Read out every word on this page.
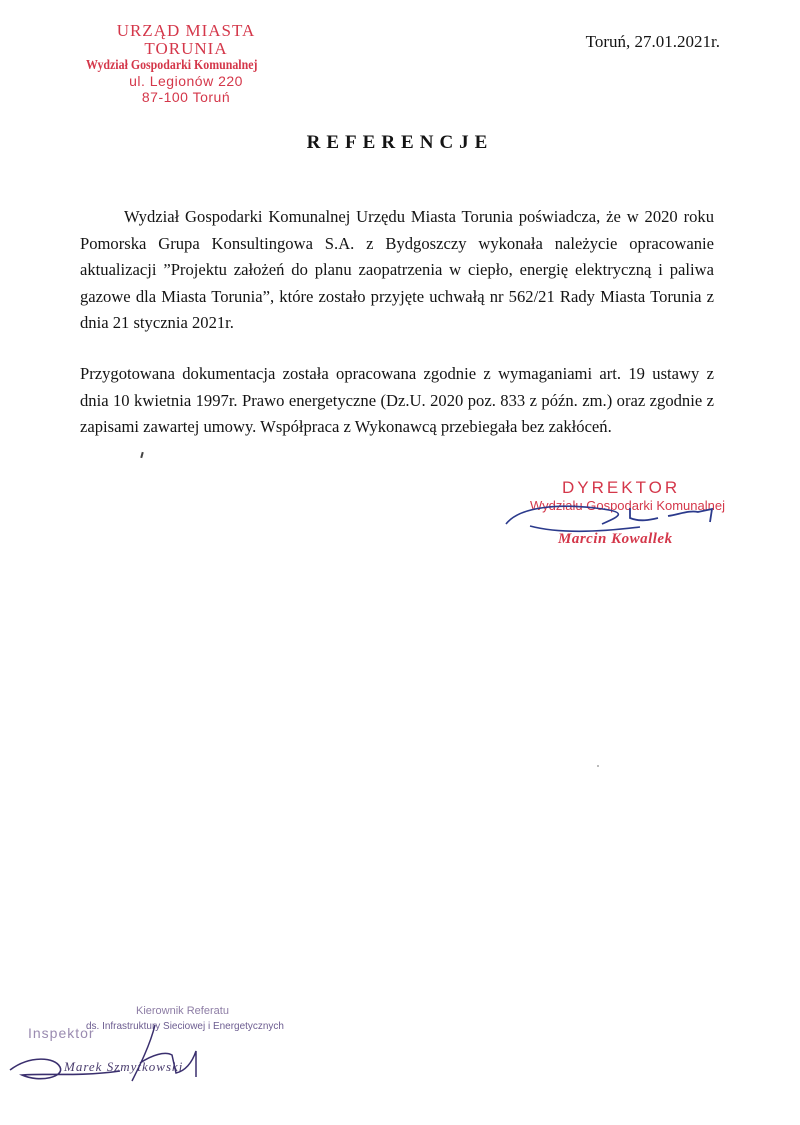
URZĄD MIASTA TORUNIA
Wydział Gospodarki Komunalnej
ul. Legionów 220
87-100 Toruń
Toruń, 27.01.2021r.
REFERENCJE

Wydział Gospodarki Komunalnej Urzędu Miasta Torunia poświadcza, że w 2020 roku Pomorska Grupa Konsultingowa S.A. z Bydgoszczy wykonała należycie opracowanie aktualizacji ”Projektu założeń do planu zaopatrzenia w ciepło, energię elektryczną i paliwa gazowe dla Miasta Torunia”, które zostało przyjęte uchwałą nr 562/21 Rady Miasta Torunia z dnia 21 stycznia 2021r.

Przygotowana dokumentacja została opracowana zgodnie z wymaganiami art. 19 ustawy z dnia 10 kwietnia 1997r. Prawo energetyczne (Dz.U. 2020 poz. 833 z późn. zm.) oraz zgodnie z zapisami zawartej umowy. Współpraca z Wykonawcą przebiegała bez zakłóceń.

DYREKTOR
Wydziału Gospodarki Komunalnej
Marcin Kowallek
Kierownik Referatu
ds. Infrastruktury Sieciowej i Energetycznych
Inspektor
Marek Szmytkowski
